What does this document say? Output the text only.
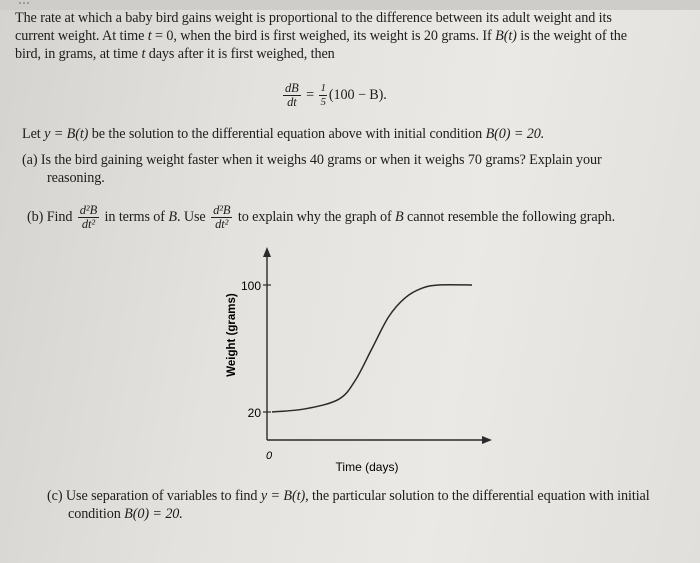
The rate at which a baby bird gains weight is proportional to the difference between its adult weight and its
current weight. At time t = 0, when the bird is first weighed, its weight is 20 grams. If B(t) is the weight of the
bird, in grams, at time t days after it is first weighed, then
$\frac{dB}{dt} = \frac{1}{5} (100 - B)$.
Let y = B(t) be the solution to the differential equation above with initial condition B(0) = 20.
(a) Is the bird gaining weight faster when it weighs 40 grams or when it weighs 70 grams? Explain your
reasoning.
(b) Find $\frac{\text{d²B}}{\text{dt²}}$ in terms of B. Use $\frac{\text{d²B}}{\text{dt²}}$ to explain why the graph of B cannot resemble the following graph.
100
20
0
Weight (grams)
Time (days)
(c) Use separation of variables to find y = B(t), the particular solution to the differential equation with initial
condition B(0) = 20.
